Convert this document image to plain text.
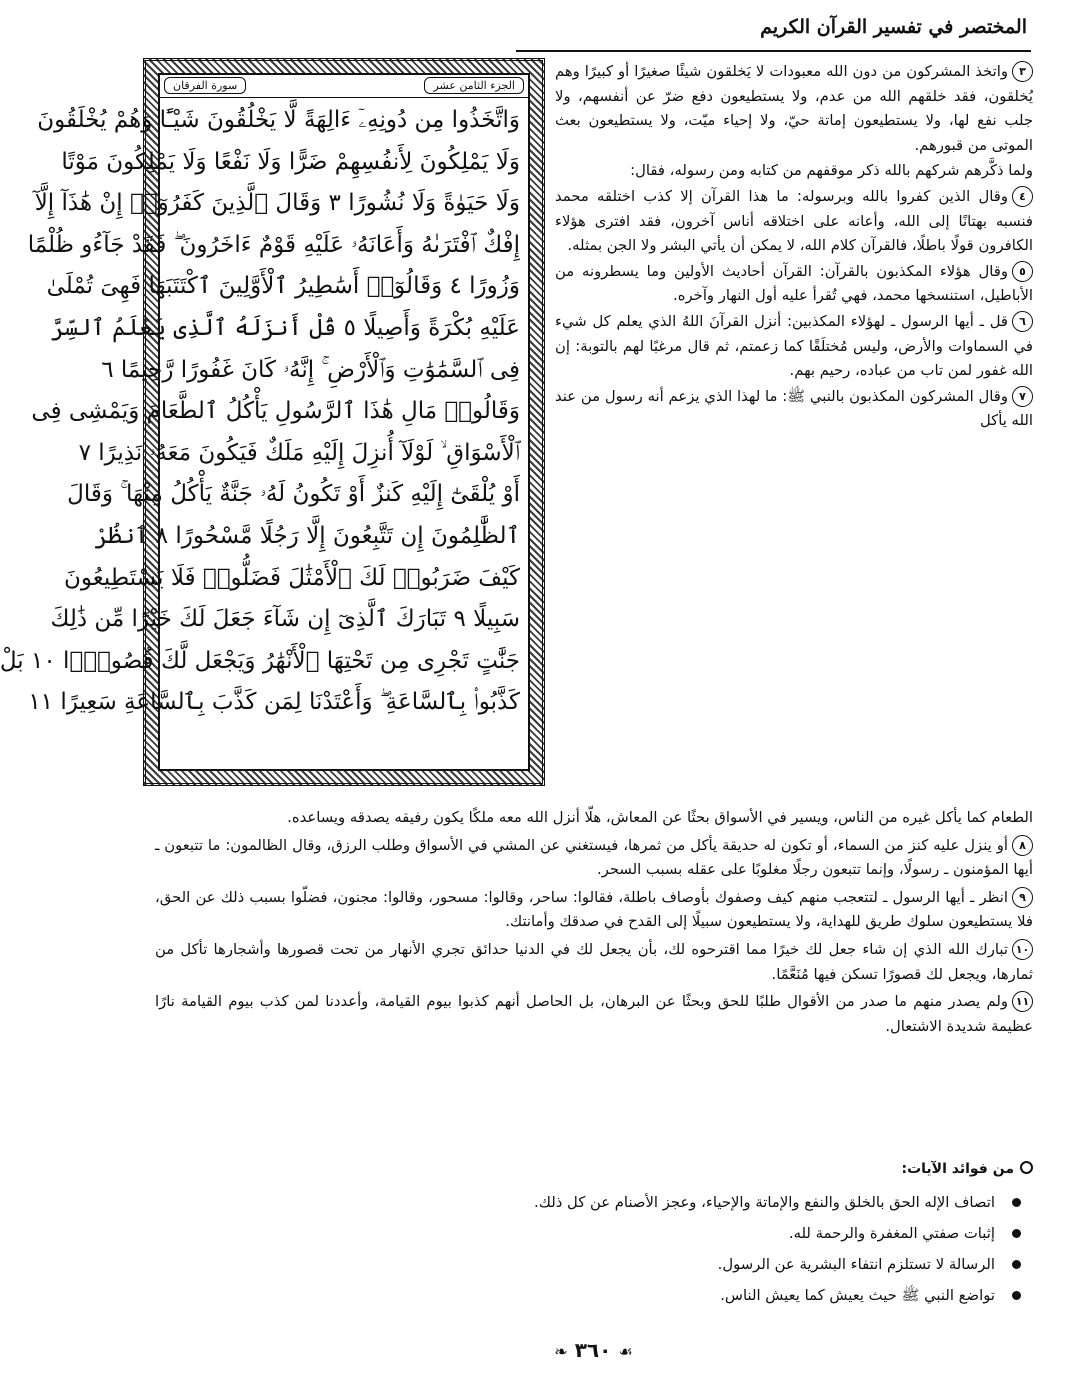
المختصر في تفسير القرآن الكريم
الجزء الثامن عشر
سورة الفرقان
وَاتَّخَذُوا مِن دُونِهِۦٓ ءَالِهَةً لَّا يَخْلُقُونَ شَيْـًٔا وَهُمْ يُخْلَقُونَ
وَلَا يَمْلِكُونَ لِأَنفُسِهِمْ ضَرًّا وَلَا نَفْعًا وَلَا يَمْلِكُونَ مَوْتًا
وَلَا حَيَوٰةً وَلَا نُشُورًا ٣ وَقَالَ ٱلَّذِينَ كَفَرُوٓا۟ إِنْ هَٰذَآ إِلَّآ
إِفْكٌ ٱفْتَرَىٰهُ وَأَعَانَهُۥ عَلَيْهِ قَوْمٌ ءَاخَرُونَ ۖ فَقَدْ جَآءُو ظُلْمًا
وَزُورًا ٤ وَقَالُوٓا۟ أَسَٰطِيرُ ٱلْأَوَّلِينَ ٱكْتَتَبَهَا فَهِىَ تُمْلَىٰ
عَلَيْهِ بُكْرَةً وَأَصِيلًا ٥ قُلْ أَنزَلَهُ ٱلَّذِى يَعْلَمُ ٱلسِّرَّ
فِى ٱلسَّمَٰوَٰتِ وَٱلْأَرْضِ ۚ إِنَّهُۥ كَانَ غَفُورًا رَّحِيمًا ٦
وَقَالُوا۟ مَالِ هَٰذَا ٱلرَّسُولِ يَأْكُلُ ٱلطَّعَامَ وَيَمْشِى فِى
ٱلْأَسْوَاقِ ۙ لَوْلَآ أُنزِلَ إِلَيْهِ مَلَكٌ فَيَكُونَ مَعَهُۥ نَذِيرًا ٧
أَوْ يُلْقَىٰٓ إِلَيْهِ كَنزٌ أَوْ تَكُونُ لَهُۥ جَنَّةٌ يَأْكُلُ مِنْهَا ۚ وَقَالَ
ٱلظَّٰلِمُونَ إِن تَتَّبِعُونَ إِلَّا رَجُلًا مَّسْحُورًا ٨ ٱنظُرْ
كَيْفَ ضَرَبُوا۟ لَكَ ٱلْأَمْثَٰلَ فَضَلُّوا۟ فَلَا يَسْتَطِيعُونَ
سَبِيلًا ٩ تَبَارَكَ ٱلَّذِىٓ إِن شَآءَ جَعَلَ لَكَ خَيْرًا مِّن ذَٰلِكَ
جَنَّٰتٍ تَجْرِى مِن تَحْتِهَا ٱلْأَنْهَٰرُ وَيَجْعَل لَّكَ قُصُورًۢا ١٠ بَلْ
كَذَّبُوا۟ بِٱلسَّاعَةِ ۖ وَأَعْتَدْنَا لِمَن كَذَّبَ بِٱلسَّاعَةِ سَعِيرًا ١١

٣واتخذ المشركون من دون الله معبودات لا يَخلقون شيئًا صغيرًا أو كبيرًا وهم يُخلقون، فقد خلقهم الله من عدم، ولا يستطيعون دفع ضرّ عن أنفسهم، ولا جلب نفع لها، ولا يستطيعون إماتة حيّ، ولا إحياء ميّت، ولا يستطيعون بعث الموتى من قبورهم.

ولما ذكَّرهم شركهم بالله ذكر موقفهم من كتابه ومن رسوله، فقال:

٤وقال الذين كفروا بالله وبرسوله: ما هذا القرآن إلا كذب اختلقه محمد فنسبه بهتانًا إلى الله، وأعانه على اختلاقه أناس آخرون، فقد افترى هؤلاء الكافرون قولًا باطلًا، فالقرآن كلام الله، لا يمكن أن يأتي البشر ولا الجن بمثله.

٥وقال هؤلاء المكذبون بالقرآن: القرآن أحاديث الأولين وما يسطرونه من الأباطيل، استنسخها محمد، فهي تُقرأ عليه أول النهار وآخره.

٦قل ـ أيها الرسول ـ لهؤلاء المكذبين: أنزل القرآنَ اللهُ الذي يعلم كل شيء في السماوات والأرض، وليس مُختلَقًا كما زعمتم، ثم قال مرغبًا لهم بالتوبة: إن الله غفور لمن تاب من عباده، رحيم بهم.

٧وقال المشركون المكذبون بالنبي ﷺ: ما لهذا الذي يزعم أنه رسول من عند الله يأكل

الطعام كما يأكل غيره من الناس، ويسير في الأسواق بحثًا عن المعاش، هلّا أنزل الله معه ملكًا يكون رفيقه يصدقه ويساعده.

٨أو ينزل عليه كنز من السماء، أو تكون له حديقة يأكل من ثمرها، فيستغني عن المشي في الأسواق وطلب الرزق، وقال الظالمون: ما تتبعون ـ أيها المؤمنون ـ رسولًا، وإنما تتبعون رجلًا مغلوبًا على عقله بسبب السحر.

٩انظر ـ أيها الرسول ـ لتتعجب منهم كيف وصفوك بأوصاف باطلة، فقالوا: ساحر، وقالوا: مسحور، وقالوا: مجنون، فضلّوا بسبب ذلك عن الحق، فلا يستطيعون سلوك طريق للهداية، ولا يستطيعون سبيلًا إلى القدح في صدقك وأمانتك.

١٠تبارك الله الذي إن شاء جعل لك خيرًا مما اقترحوه لك، بأن يجعل لك في الدنيا حدائق تجري الأنهار من تحت قصورها وأشجارها تأكل من ثمارها، ويجعل لك قصورًا تسكن فيها مُنَعَّمًا.

١١ولم يصدر منهم ما صدر من الأقوال طلبًا للحق وبحثًا عن البرهان، بل الحاصل أنهم كذبوا بيوم القيامة، وأعددنا لمن كذب بيوم القيامة نارًا عظيمة شديدة الاشتعال.

من فوائد الآيات:
اتصاف الإله الحق بالخلق والنفع والإماتة والإحياء، وعجز الأصنام عن كل ذلك.
إثبات صفتي المغفرة والرحمة لله.
الرسالة لا تستلزم انتفاء البشرية عن الرسول.
تواضع النبي ﷺ حيث يعيش كما يعيش الناس.
❧ ٣٦٠ ☙
